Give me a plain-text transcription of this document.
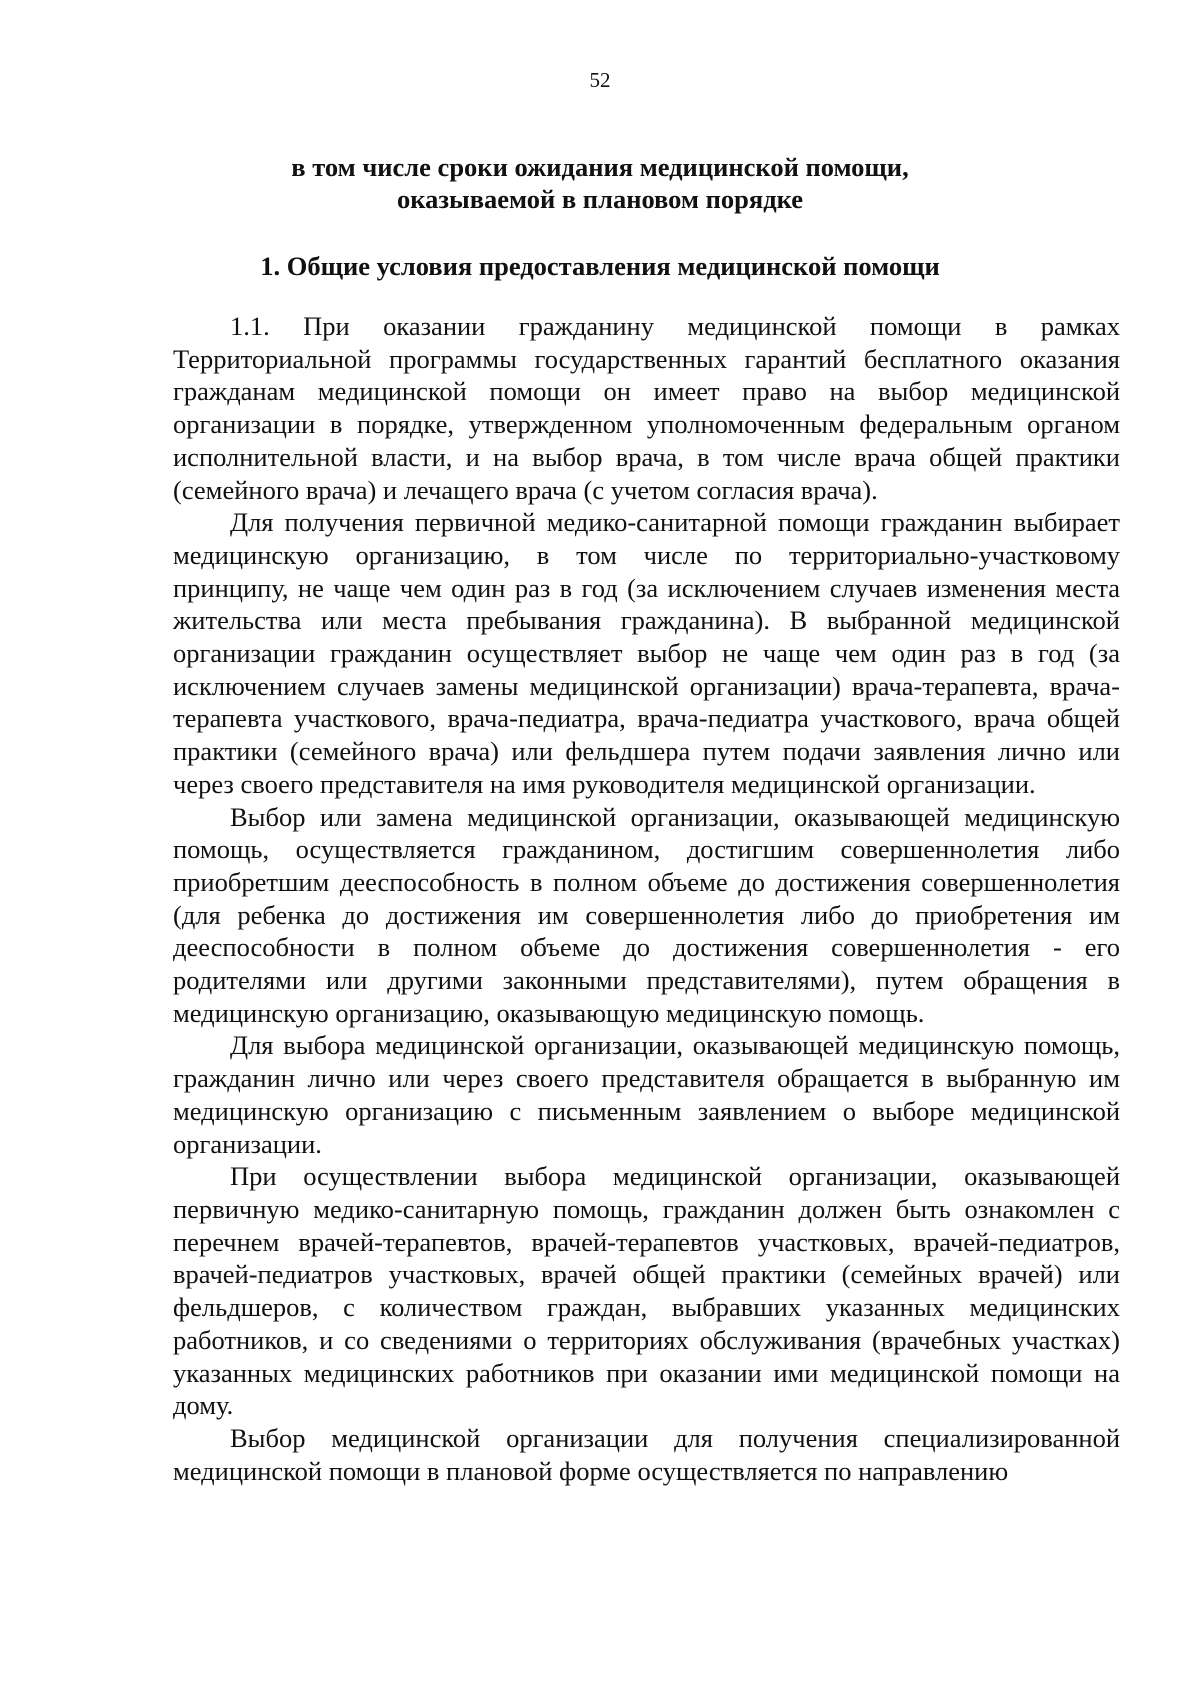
52
в том числе сроки ожидания медицинской помощи,
оказываемой в плановом порядке
1. Общие условия предоставления медицинской помощи

1.1. При оказании гражданину медицинской помощи в рамках Территориальной программы государственных гарантий бесплатного оказания гражданам медицинской помощи он имеет право на выбор медицинской организации в порядке, утвержденном уполномоченным федеральным органом исполнительной власти, и на выбор врача, в том числе врача общей практики (семейного врача) и лечащего врача (с учетом согласия врача).

Для получения первичной медико-санитарной помощи гражданин выбирает медицинскую организацию, в том числе по территориально-участковому принципу, не чаще чем один раз в год (за исключением случаев изменения места жительства или места пребывания гражданина). В выбранной медицинской организации гражданин осуществляет выбор не чаще чем один раз в год (за исключением случаев замены медицинской организации) врача-терапевта, врача-терапевта участкового, врача-педиатра, врача-педиатра участкового, врача общей практики (семейного врача) или фельдшера путем подачи заявления лично или через своего представителя на имя руководителя медицинской организации.

Выбор или замена медицинской организации, оказывающей медицинскую помощь, осуществляется гражданином, достигшим совершеннолетия либо приобретшим дееспособность в полном объеме до достижения совершеннолетия (для ребенка до достижения им совершеннолетия либо до приобретения им дееспособности в полном объеме до достижения совершеннолетия - его родителями или другими законными представителями), путем обращения в медицинскую организацию, оказывающую медицинскую помощь.

Для выбора медицинской организации, оказывающей медицинскую помощь, гражданин лично или через своего представителя обращается в выбранную им медицинскую организацию с письменным заявлением о выборе медицинской организации.

При осуществлении выбора медицинской организации, оказывающей первичную медико-санитарную помощь, гражданин должен быть ознакомлен с перечнем врачей-терапевтов, врачей-терапевтов участковых, врачей-педиатров, врачей-педиатров участковых, врачей общей практики (семейных врачей) или фельдшеров, с количеством граждан, выбравших указанных медицинских работников, и со сведениями о территориях обслуживания (врачебных участках) указанных медицинских работников при оказании ими медицинской помощи на дому.

Выбор медицинской организации для получения специализированной медицинской помощи в плановой форме осуществляется по направлению
